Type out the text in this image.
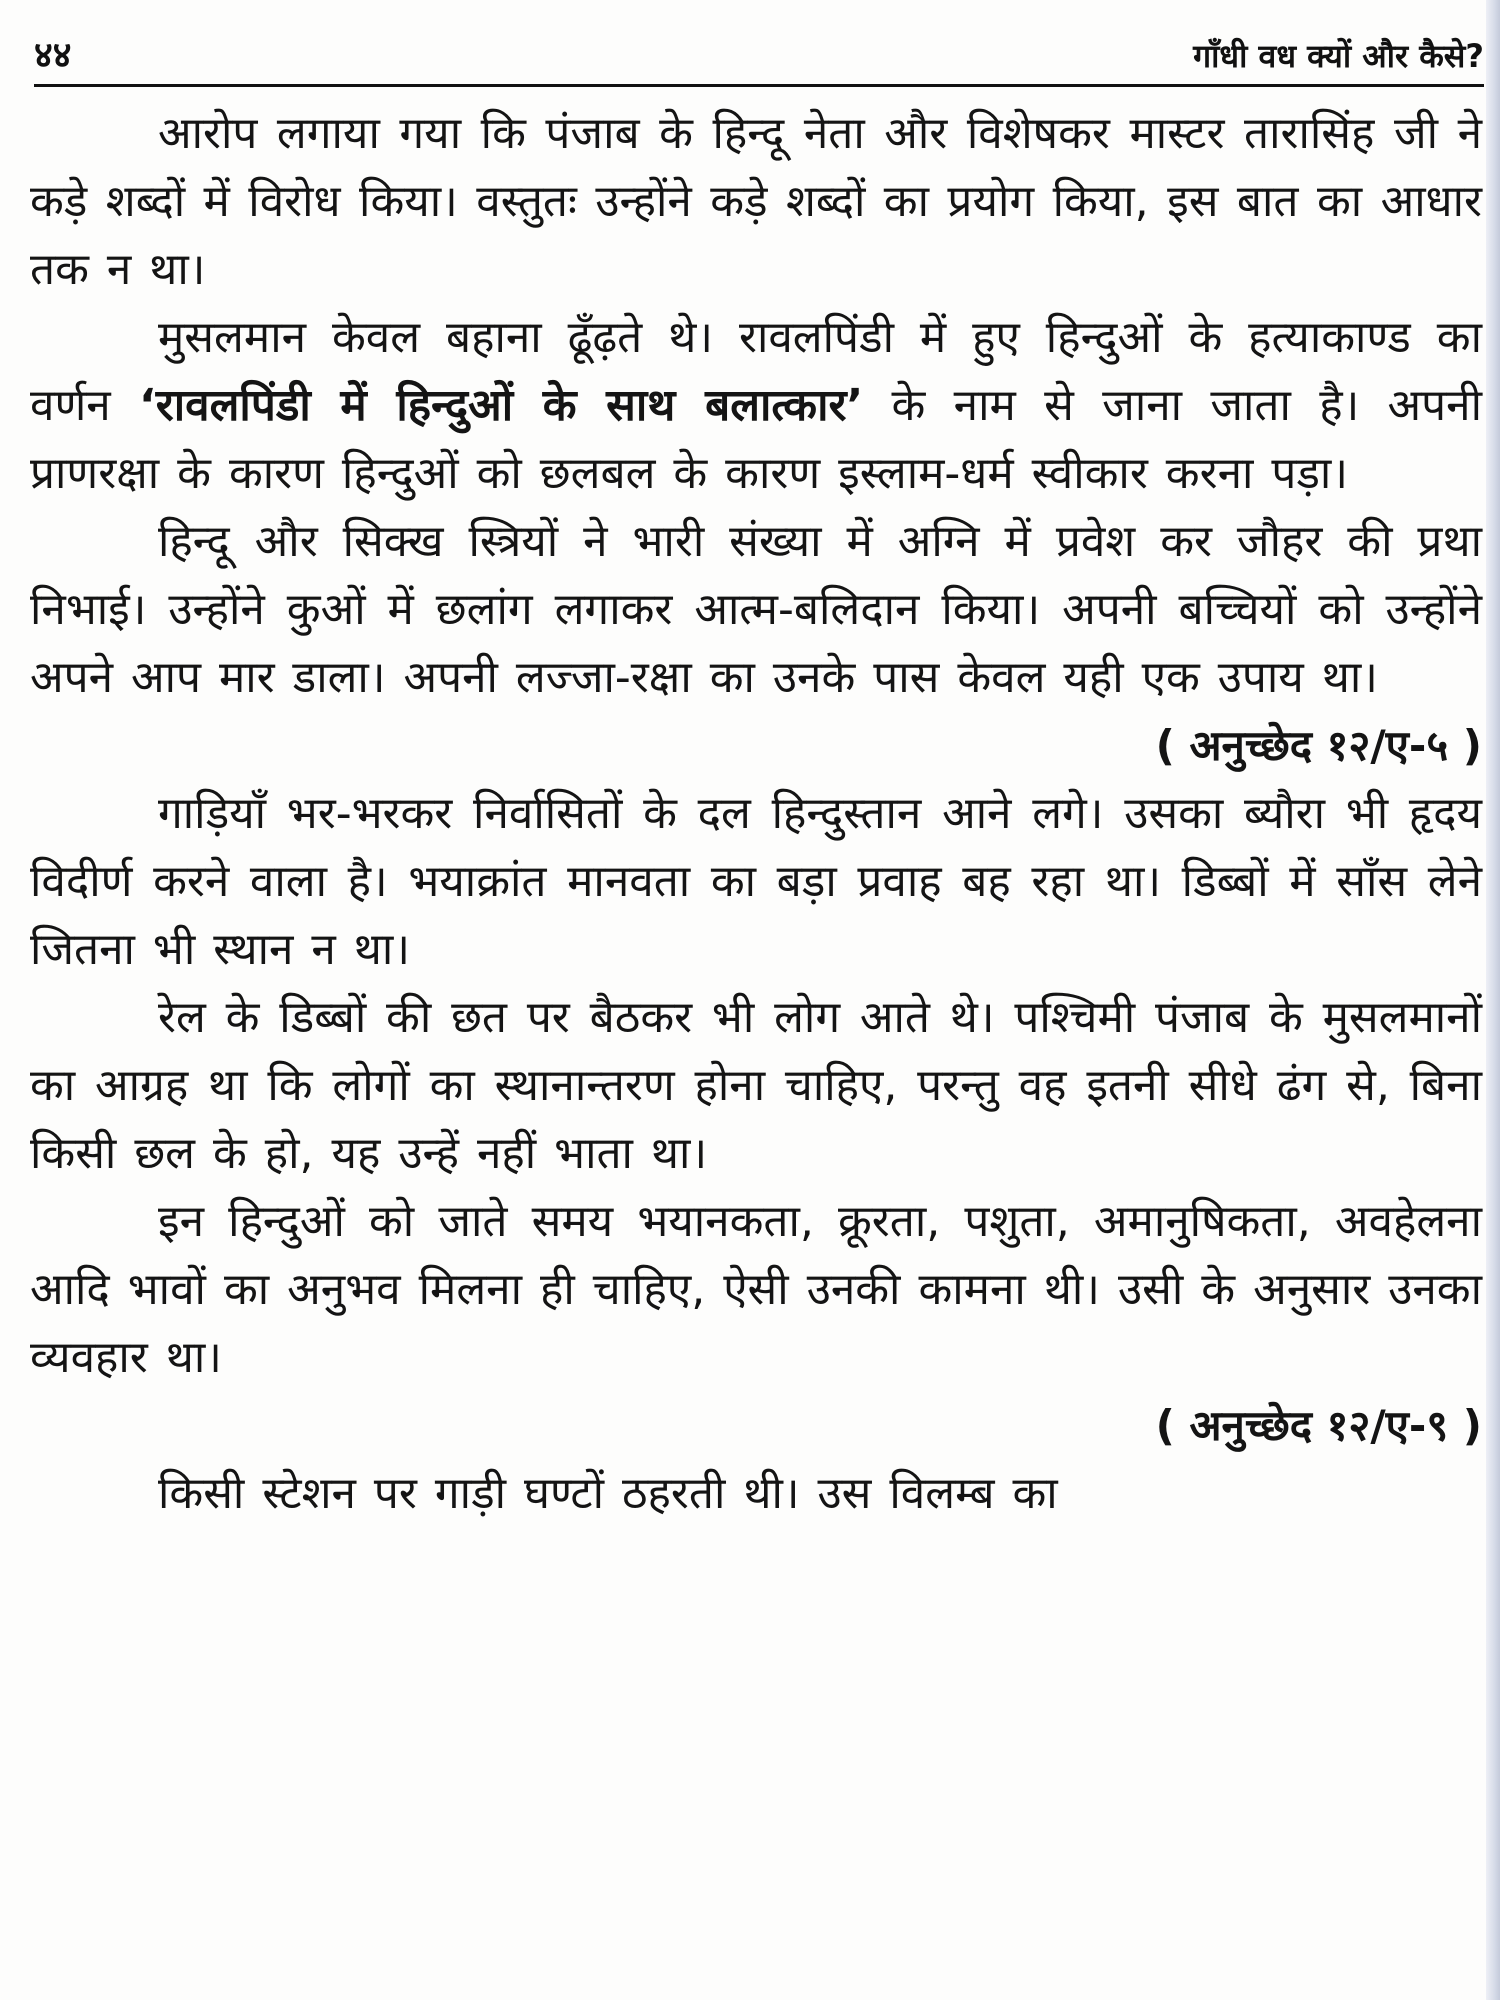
४४	गाँधी वध क्यों और कैसे?

आरोप लगाया गया कि पंजाब के हिन्दू नेता और विशेषकर मास्टर तारासिंह जी ने कड़े शब्दों में विरोध किया। वस्तुतः उन्होंने कड़े शब्दों का प्रयोग किया, इस बात का आधार तक न था।

मुसलमान केवल बहाना ढूँढ़ते थे। रावलपिंडी में हुए हिन्दुओं के हत्याकाण्ड का वर्णन ‘रावलपिंडी में हिन्दुओं के साथ बलात्कार’ के नाम से जाना जाता है। अपनी प्राणरक्षा के कारण हिन्दुओं को छलबल के कारण इस्लाम-धर्म स्वीकार करना पड़ा।

हिन्दू और सिक्ख स्त्रियों ने भारी संख्या में अग्नि में प्रवेश कर जौहर की प्रथा निभाई। उन्होंने कुओं में छलांग लगाकर आत्म-बलिदान किया। अपनी बच्चियों को उन्होंने अपने आप मार डाला। अपनी लज्जा-रक्षा का उनके पास केवल यही एक उपाय था।

( अनुच्छेद १२/ए-५ )

गाड़ियाँ भर-भरकर निर्वासितों के दल हिन्दुस्तान आने लगे। उसका ब्यौरा भी हृदय विदीर्ण करने वाला है। भयाक्रांत मानवता का बड़ा प्रवाह बह रहा था। डिब्बों में साँस लेने जितना भी स्थान न था।

रेल के डिब्बों की छत पर बैठकर भी लोग आते थे। पश्चिमी पंजाब के मुसलमानों का आग्रह था कि लोगों का स्थानान्तरण होना चाहिए, परन्तु वह इतनी सीधे ढंग से, बिना किसी छल के हो, यह उन्हें नहीं भाता था।

इन हिन्दुओं को जाते समय भयानकता, क्रूरता, पशुता, अमानुषिकता, अवहेलना आदि भावों का अनुभव मिलना ही चाहिए, ऐसी उनकी कामना थी। उसी के अनुसार उनका व्यवहार था।

( अनुच्छेद १२/ए-९ )

किसी स्टेशन पर गाड़ी घण्टों ठहरती थी। उस विलम्ब का
